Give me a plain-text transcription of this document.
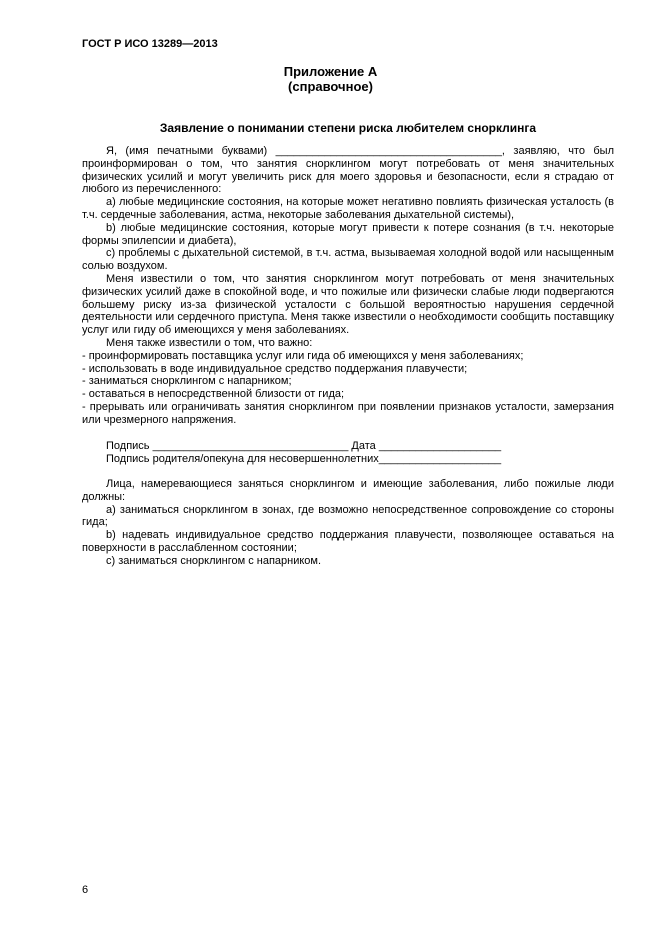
ГОСТ Р ИСО 13289—2013
Приложение А
(справочное)
Заявление о понимании степени риска любителем снорклинга

Я, (имя печатными буквами) _____________________________________, заявляю, что был проинформирован о том, что занятия снорклингом могут потребовать от меня значительных физических усилий и могут увеличить риск для моего здоровья и безопасности, если я страдаю от любого из перечисленного:

a) любые медицинские состояния, на которые может негативно повлиять физическая усталость (в т.ч. сердечные заболевания, астма, некоторые заболевания дыхательной системы),

b) любые медицинские состояния, которые могут привести к потере сознания (в т.ч. некоторые формы эпилепсии и диабета),

c) проблемы с дыхательной системой, в т.ч. астма, вызываемая холодной водой или насыщенным солью воздухом.

Меня известили о том, что занятия снорклингом могут потребовать от меня значительных физических усилий даже в спокойной воде, и что пожилые или физически слабые люди подвергаются большему риску из-за физической усталости с большой вероятностью нарушения сердечной деятельности или сердечного приступа. Меня также известили о необходимости сообщить поставщику услуг или гиду об имеющихся у меня заболеваниях.

Меня также известили о том, что важно:

- проинформировать поставщика услуг или гида об имеющихся у меня заболеваниях;

- использовать в воде индивидуальное средство поддержания плавучести;

- заниматься снорклингом с напарником;

- оставаться в непосредственной близости от гида;

- прерывать или ограничивать занятия снорклингом при появлении признаков усталости, замерзания или чрезмерного напряжения.

Подпись ________________________________ Дата ____________________
Подпись родителя/опекуна для несовершеннолетних____________________

Лица, намеревающиеся заняться снорклингом и имеющие заболевания, либо пожилые люди должны:

a) заниматься снорклингом в зонах, где возможно непосредственное сопровождение со стороны гида;

b) надевать индивидуальное средство поддержания плавучести, позволяющее оставаться на поверхности в расслабленном состоянии;

c) заниматься снорклингом с напарником.

6
